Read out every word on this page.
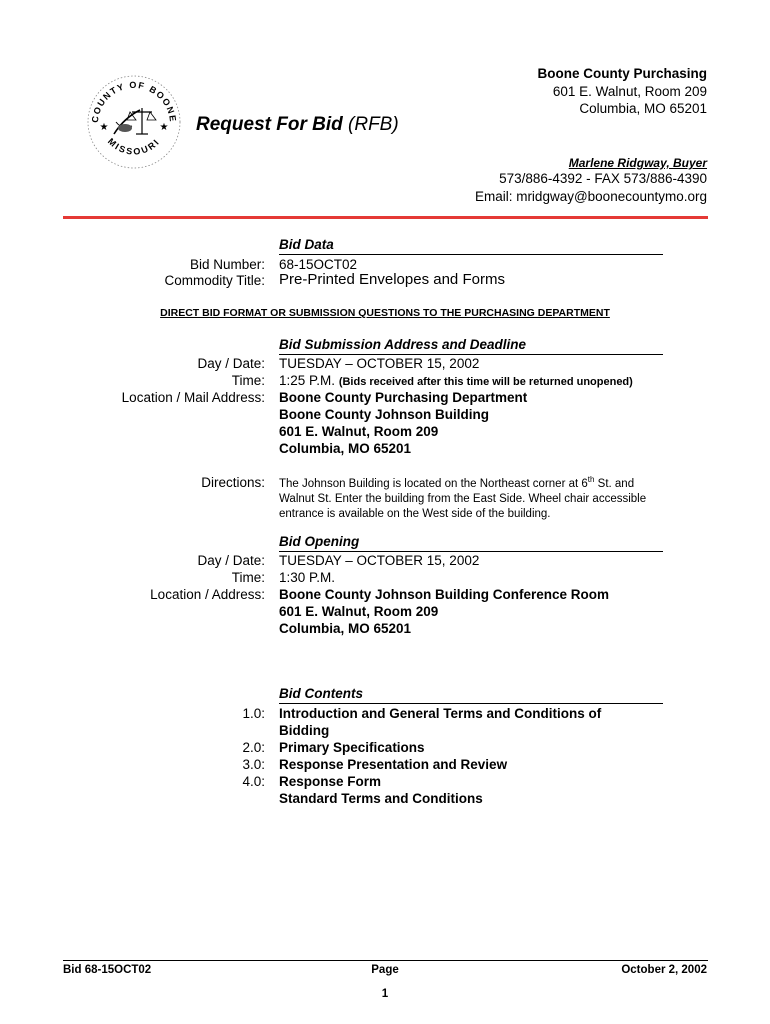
COUNTY OF BOONE
MISSOURI
★	★ Request For Bid (RFB)
Boone County Purchasing
601 E. Walnut, Room 209
Columbia, MO 65201
Marlene Ridgway, Buyer
573/886-4392 - FAX 573/886-4390
Email: mridgway@boonecountymo.org
Bid Data
Bid Number: 68-15OCT02
Commodity Title: Pre-Printed Envelopes and Forms
DIRECT BID FORMAT OR SUBMISSION QUESTIONS TO THE PURCHASING DEPARTMENT
Bid Submission Address and Deadline
Day / Date: TUESDAY – OCTOBER 15, 2002
Time: 1:25 P.M. (Bids received after this time will be returned unopened)
Location / Mail Address: Boone County Purchasing Department
Boone County Johnson Building
601 E. Walnut, Room 209
Columbia, MO 65201
Directions: The Johnson Building is located on the Northeast corner at 6th St. and Walnut St. Enter the building from the East Side. Wheel chair accessible entrance is available on the West side of the building.
Bid Opening
Day / Date: TUESDAY – OCTOBER 15, 2002
Time: 1:30 P.M.
Location / Address: Boone County Johnson Building Conference Room
601 E. Walnut, Room 209
Columbia, MO 65201
Bid Contents
1.0: Introduction and General Terms and Conditions of
Bidding
2.0: Primary Specifications
3.0: Response Presentation and Review
4.0: Response Form
Standard Terms and Conditions
Bid 68-15OCT02	Page	October 2, 2002
1
